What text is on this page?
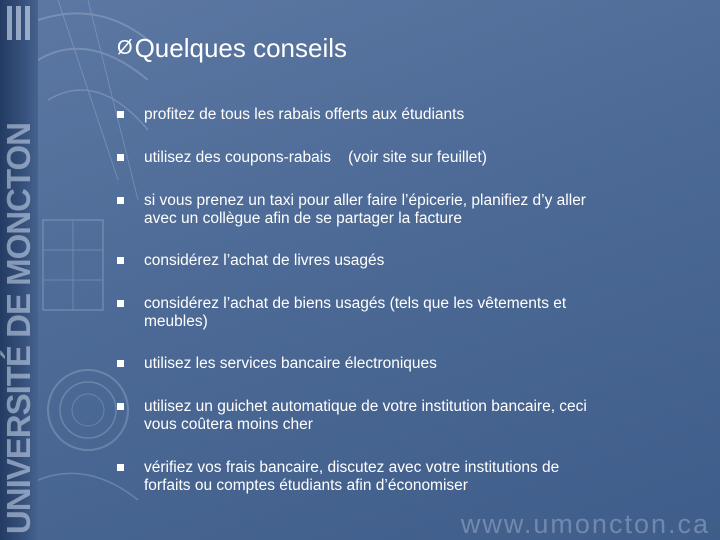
UNIVERSITÉ DE MONCTON
Ø Quelques conseils
profitez de tous les rabais offerts aux étudiants
utilisez des coupons-rabais    (voir site sur feuillet)
si vous prenez un taxi pour aller faire l’épicerie, planifiez d’y aller
avec un collègue afin de se partager la facture
considérez l’achat de livres usagés
considérez l’achat de biens usagés (tels que les vêtements et
meubles)
utilisez les services bancaire électroniques
utilisez un guichet automatique de votre institution bancaire, ceci
vous coûtera moins cher
vérifiez vos frais bancaire, discutez avec votre institutions de
forfaits ou comptes étudiants afin d’économiser
www.umoncton.ca
